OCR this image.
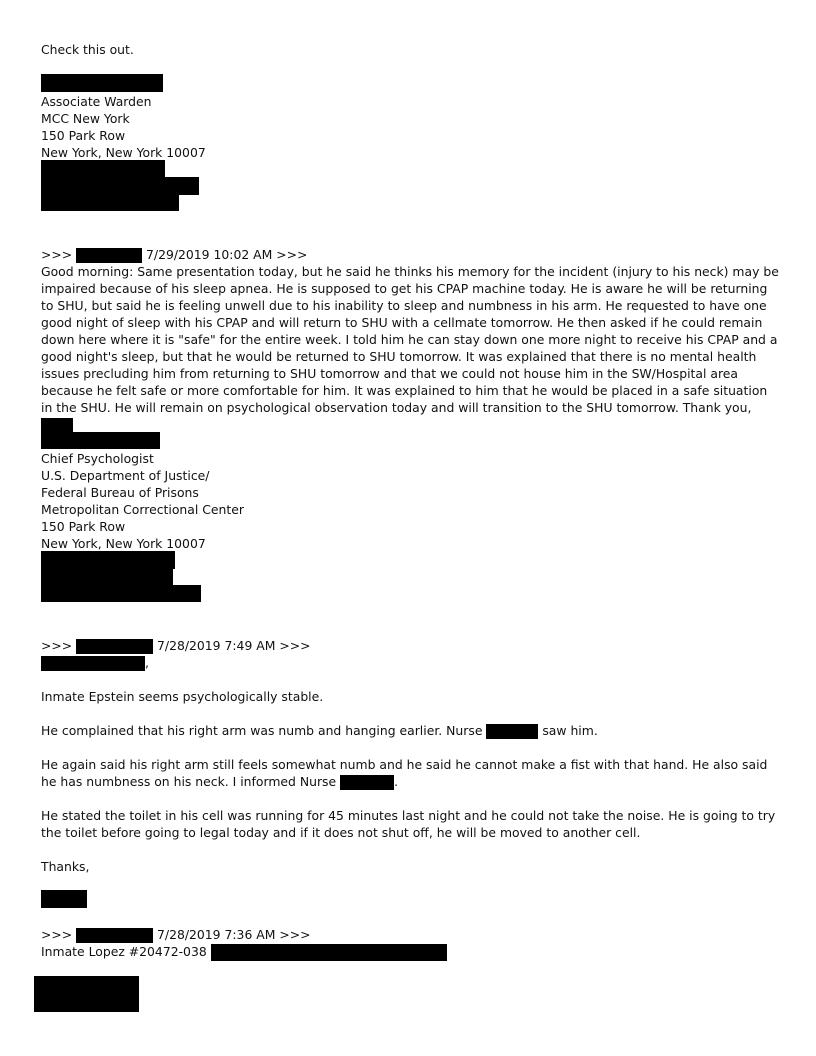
Check this out.
Associate Warden
MCC New York
150 Park Row
New York, New York 10007
>>>	7/29/2019 10:02 AM >>>
Good morning: Same presentation today, but he said he thinks his memory for the incident (injury to his neck) may be impaired because of his sleep apnea. He is supposed to get his CPAP machine today. He is aware he will be returning to SHU, but said he is feeling unwell due to his inability to sleep and numbness in his arm. He requested to have one good night of sleep with his CPAP and will return to SHU with a cellmate tomorrow. He then asked if he could remain down here where it is "safe" for the entire week. I told him he can stay down one more night to receive his CPAP and a good night's sleep, but that he would be returned to SHU tomorrow. It was explained that there is no mental health issues precluding him from returning to SHU tomorrow and that we could not house him in the SW/Hospital area because he felt safe or more comfortable for him. It was explained to him that he would be placed in a safe situation in the SHU. He will remain on psychological observation today and will transition to the SHU tomorrow. Thank you,
Chief Psychologist
U.S. Department of Justice/
Federal Bureau of Prisons
Metropolitan Correctional Center
150 Park Row
New York, New York 10007
>>>	7/28/2019 7:49 AM >>>
,
Inmate Epstein seems psychologically stable.
He complained that his right arm was numb and hanging earlier. Nurse	saw him.
He again said his right arm still feels somewhat numb and he said he cannot make a fist with that hand. He also said he has numbness on his neck. I informed Nurse	.
He stated the toilet in his cell was running for 45 minutes last night and he could not take the noise. He is going to try the toilet before going to legal today and if it does not shut off, he will be moved to another cell.
Thanks,
>>>	7/28/2019 7:36 AM >>>
Inmate Lopez #20472-038
